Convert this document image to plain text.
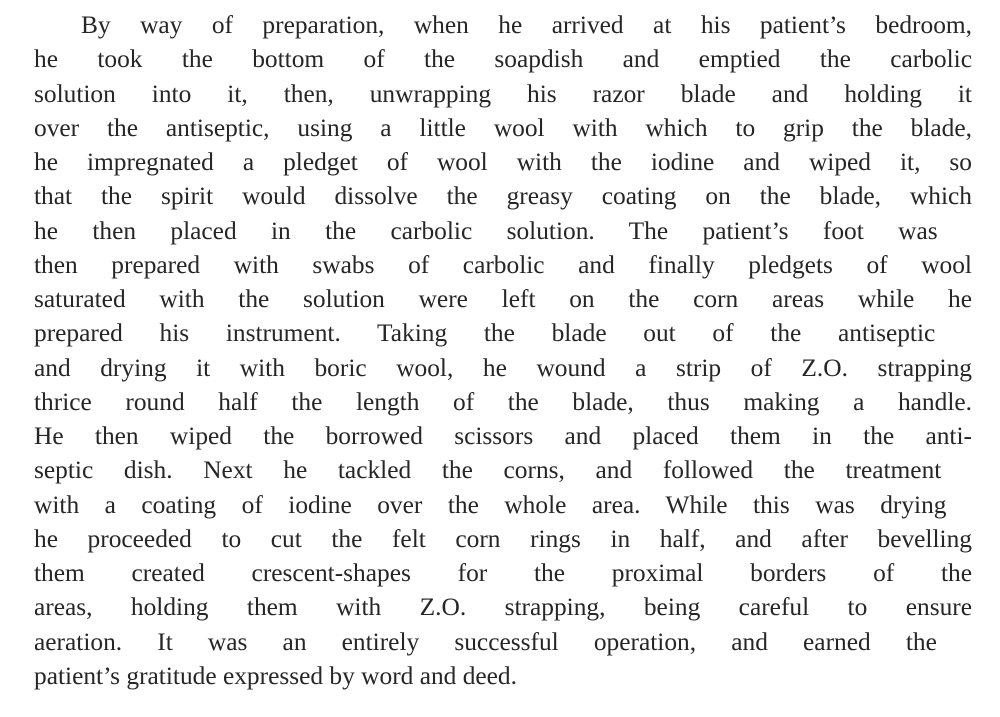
By way of preparation, when he arrived at his patient’s bedroom,
he took the bottom of the soapdish and emptied the carbolic
solution into it, then, unwrapping his razor blade and holding it
over the antiseptic, using a little wool with which to grip the blade,
he impregnated a pledget of wool with the iodine and wiped it, so
that the spirit would dissolve the greasy coating on the blade, which
he then placed in the carbolic solution. The patient’s foot was
then prepared with swabs of carbolic and finally pledgets of wool
saturated with the solution were left on the corn areas while he
prepared his instrument. Taking the blade out of the antiseptic
and drying it with boric wool, he wound a strip of Z.O. strapping
thrice round half the length of the blade, thus making a handle.
He then wiped the borrowed scissors and placed them in the anti-
septic dish. Next he tackled the corns, and followed the treatment
with a coating of iodine over the whole area. While this was drying
he proceeded to cut the felt corn rings in half, and after bevelling
them created crescent-shapes for the proximal borders of the
areas, holding them with Z.O. strapping, being careful to ensure
aeration. It was an entirely successful operation, and earned the
patient’s gratitude expressed by word and deed.
